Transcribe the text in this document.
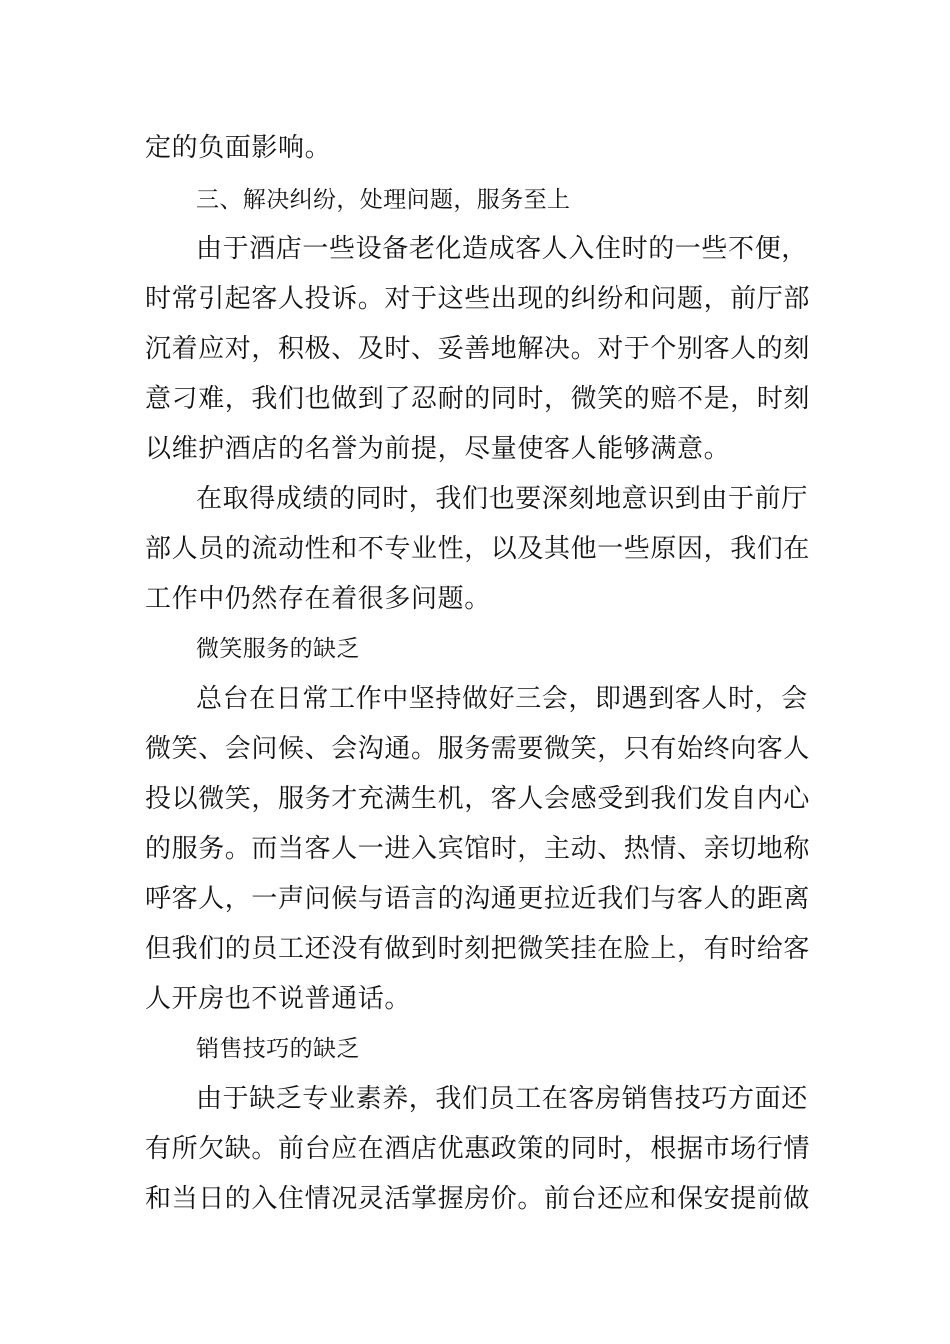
定的负面影响。
三、解决纠纷，处理问题，服务至上
由于酒店一些设备老化造成客人入住时的一些不便，
时常引起客人投诉。对于这些出现的纠纷和问题，前厅部
沉着应对，积极、及时、妥善地解决。对于个别客人的刻
意刁难，我们也做到了忍耐的同时，微笑的赔不是，时刻
以维护酒店的名誉为前提，尽量使客人能够满意。
在取得成绩的同时，我们也要深刻地意识到由于前厅
部人员的流动性和不专业性，以及其他一些原因，我们在
工作中仍然存在着很多问题。
微笑服务的缺乏
总台在日常工作中坚持做好三会，即遇到客人时，会
微笑、会问候、会沟通。服务需要微笑，只有始终向客人
投以微笑，服务才充满生机，客人会感受到我们发自内心
的服务。而当客人一进入宾馆时，主动、热情、亲切地称
呼客人，一声问候与语言的沟通更拉近我们与客人的距离
但我们的员工还没有做到时刻把微笑挂在脸上，有时给客
人开房也不说普通话。
销售技巧的缺乏
由于缺乏专业素养，我们员工在客房销售技巧方面还
有所欠缺。前台应在酒店优惠政策的同时，根据市场行情
和当日的入住情况灵活掌握房价。前台还应和保安提前做
